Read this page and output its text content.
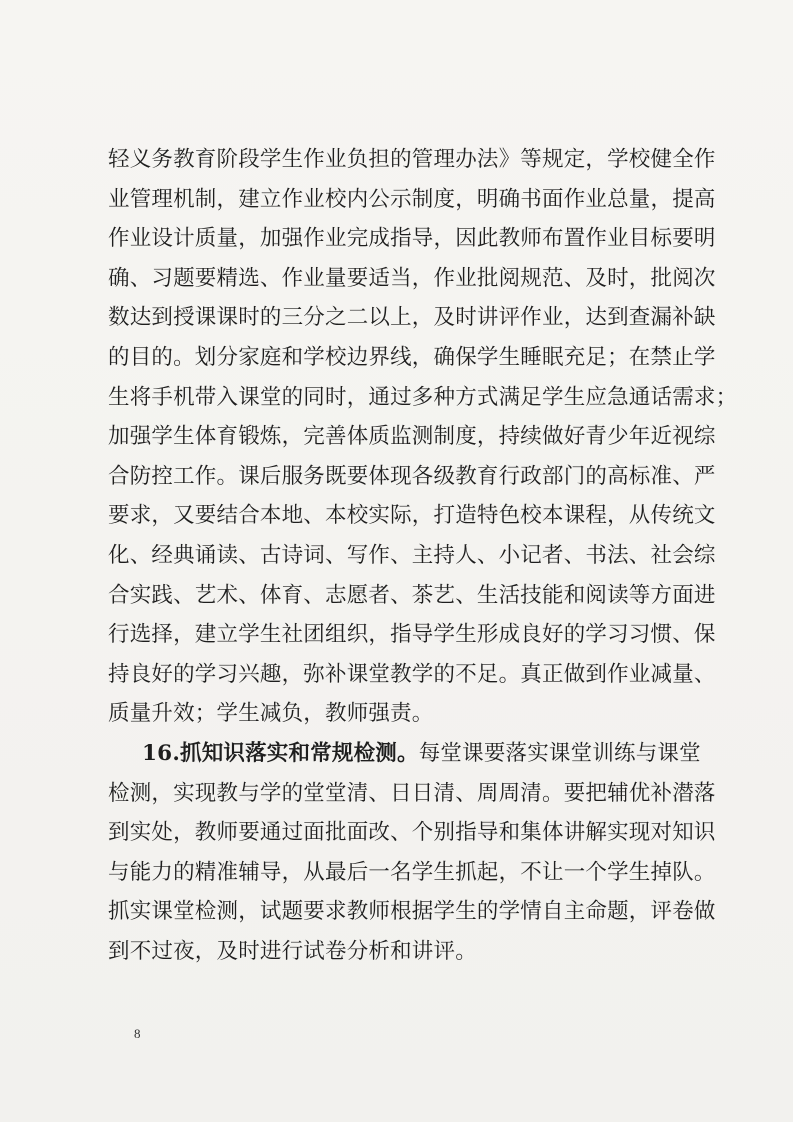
轻义务教育阶段学生作业负担的管理办法》等规定，学校健全作
业管理机制，建立作业校内公示制度，明确书面作业总量，提高
作业设计质量，加强作业完成指导，因此教师布置作业目标要明
确、习题要精选、作业量要适当，作业批阅规范、及时，批阅次
数达到授课课时的三分之二以上，及时讲评作业，达到查漏补缺
的目的。划分家庭和学校边界线，确保学生睡眠充足；在禁止学
生将手机带入课堂的同时，通过多种方式满足学生应急通话需求；
加强学生体育锻炼，完善体质监测制度，持续做好青少年近视综
合防控工作。课后服务既要体现各级教育行政部门的高标准、严
要求，又要结合本地、本校实际，打造特色校本课程，从传统文
化、经典诵读、古诗词、写作、主持人、小记者、书法、社会综
合实践、艺术、体育、志愿者、茶艺、生活技能和阅读等方面进
行选择，建立学生社团组织，指导学生形成良好的学习习惯、保
持良好的学习兴趣，弥补课堂教学的不足。真正做到作业减量、
质量升效；学生减负，教师强责。
16.抓知识落实和常规检测。每堂课要落实课堂训练与课堂
检测，实现教与学的堂堂清、日日清、周周清。要把辅优补潜落
到实处，教师要通过面批面改、个别指导和集体讲解实现对知识
与能力的精准辅导，从最后一名学生抓起，不让一个学生掉队。
抓实课堂检测，试题要求教师根据学生的学情自主命题，评卷做
到不过夜，及时进行试卷分析和讲评。
8
